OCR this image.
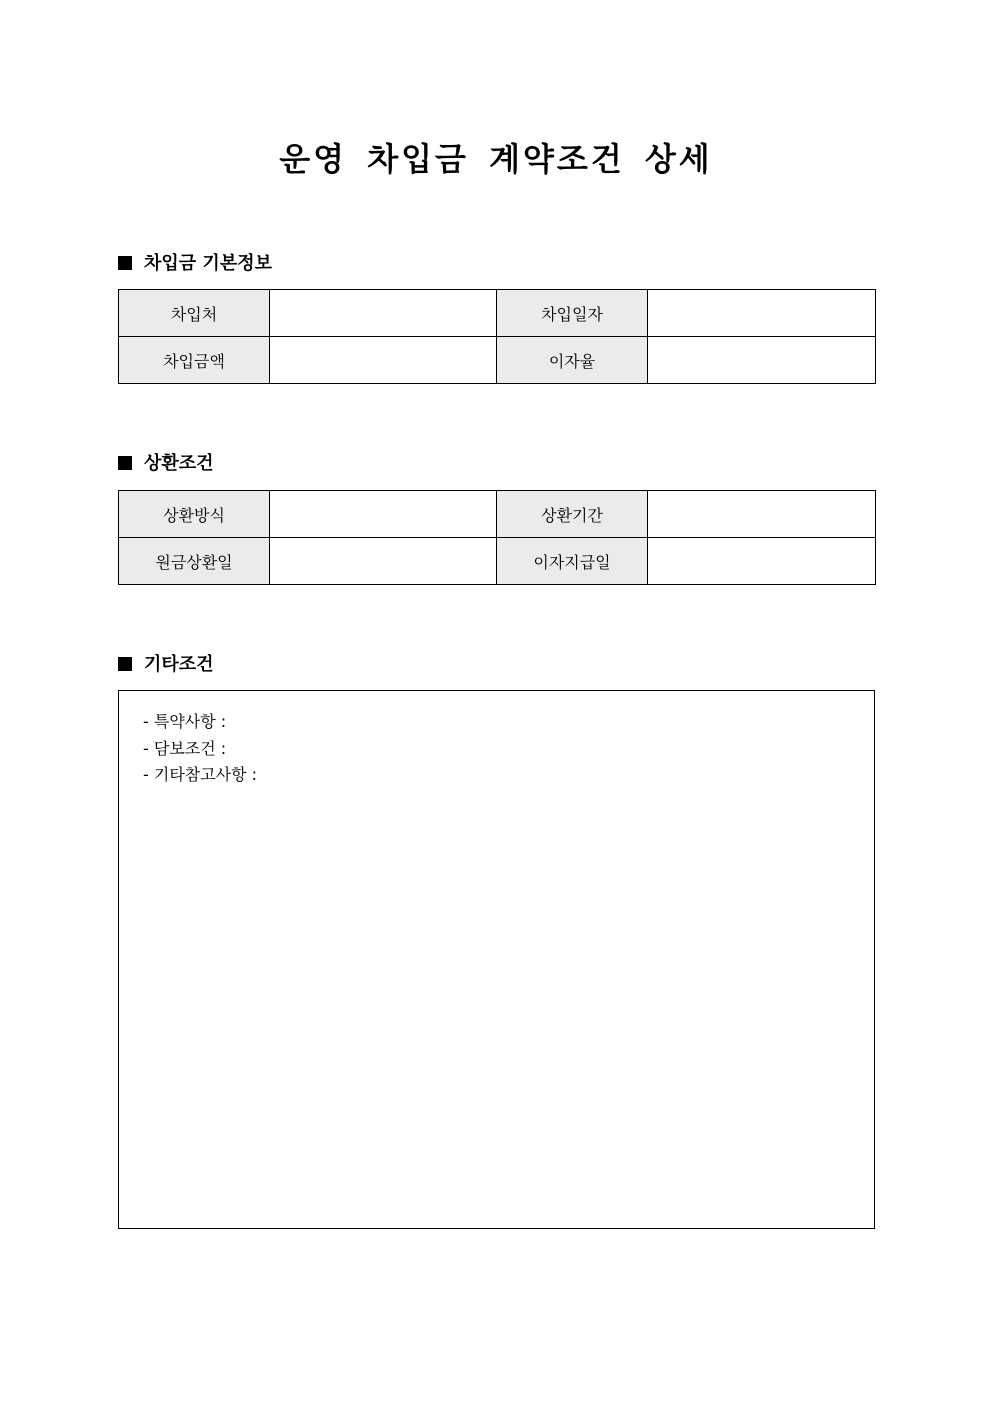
운영 차입금 계약조건 상세
차입금 기본정보
차입처		차입일자	
차입금액		이자율	
상환조건
상환방식		상환기간	
원금상환일		이자지급일	
기타조건
- 특약사항 :
- 담보조건 :
- 기타참고사항 :
